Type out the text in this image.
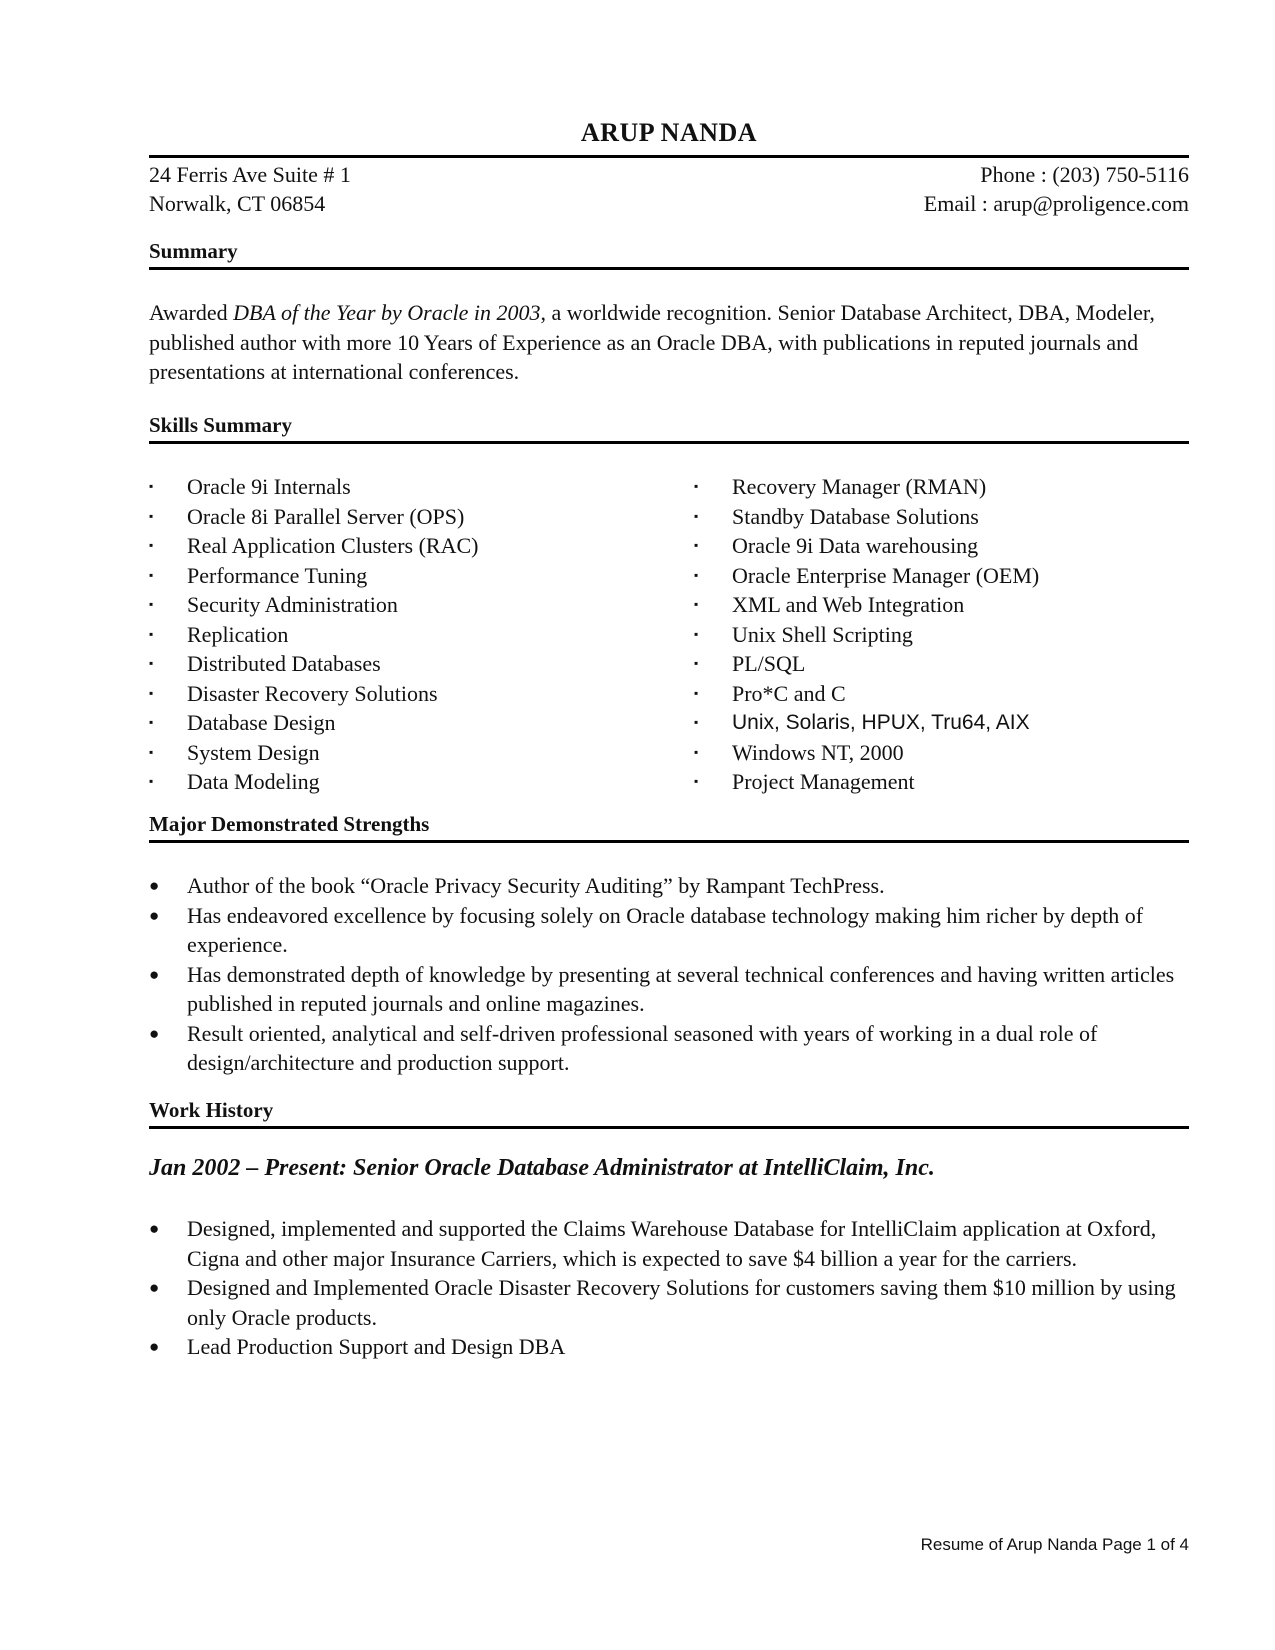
ARUP NANDA
24 Ferris Ave Suite # 1
Norwalk, CT 06854
Phone : (203) 750-5116
Email : arup@proligence.com
Summary
Awarded DBA of the Year by Oracle in 2003, a worldwide recognition. Senior Database Architect, DBA, Modeler, published author with more 10 Years of Experience as an Oracle DBA, with publications in reputed journals and presentations at international conferences.
Skills Summary
▪ Oracle 9i Internals
▪ Oracle 8i Parallel Server (OPS)
▪ Real Application Clusters (RAC)
▪ Performance Tuning
▪ Security Administration
▪ Replication
▪ Distributed Databases
▪ Disaster Recovery Solutions
▪ Database Design
▪ System Design
▪ Data Modeling
▪ Recovery Manager (RMAN)
▪ Standby Database Solutions
▪ Oracle 9i Data warehousing
▪ Oracle Enterprise Manager (OEM)
▪ XML and Web Integration
▪ Unix Shell Scripting
▪ PL/SQL
▪ Pro*C and C
▪ Unix, Solaris, HPUX, Tru64, AIX
▪ Windows NT, 2000
▪ Project Management
Major Demonstrated Strengths
● Author of the book “Oracle Privacy Security Auditing” by Rampant TechPress.
● Has endeavored excellence by focusing solely on Oracle database technology making him richer by depth of experience.
● Has demonstrated depth of knowledge by presenting at several technical conferences and having written articles published in reputed journals and online magazines.
● Result oriented, analytical and self-driven professional seasoned with years of working in a dual role of design/architecture and production support.
Work History
Jan 2002 – Present: Senior Oracle Database Administrator at IntelliClaim, Inc.
● Designed, implemented and supported the Claims Warehouse Database for IntelliClaim application at Oxford, Cigna and other major Insurance Carriers, which is expected to save $4 billion a year for the carriers.
● Designed and Implemented Oracle Disaster Recovery Solutions for customers saving them $10 million by using only Oracle products.
● Lead Production Support and Design DBA
Resume of Arup Nanda Page 1 of 4
